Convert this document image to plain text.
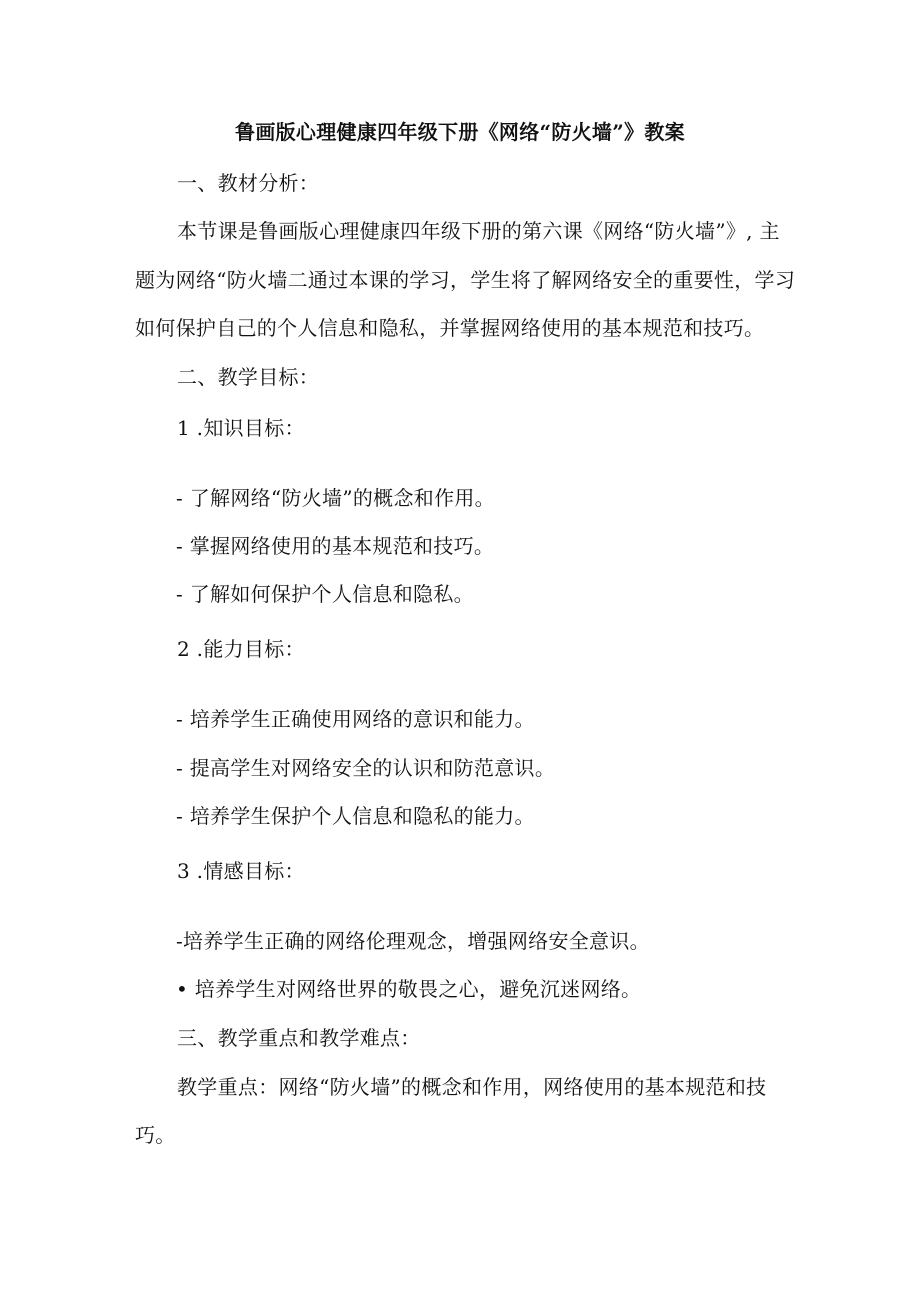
鲁画版心理健康四年级下册《网络“防火墙”》教案
一、教材分析：
本节课是鲁画版心理健康四年级下册的第六课《网络“防火墙”》, 主
题为网络“防火墙二通过本课的学习，学生将了解网络安全的重要性，学习
如何保护自己的个人信息和隐私，并掌握网络使用的基本规范和技巧。
二、教学目标：
1 .知识目标：
- 了解网络“防火墙”的概念和作用。
- 掌握网络使用的基本规范和技巧。
- 了解如何保护个人信息和隐私。
2 .能力目标：
- 培养学生正确使用网络的意识和能力。
- 提高学生对网络安全的认识和防范意识。
- 培养学生保护个人信息和隐私的能力。
3 .情感目标：
-培养学生正确的网络伦理观念，增强网络安全意识。
• 培养学生对网络世界的敬畏之心，避免沉迷网络。
三、教学重点和教学难点：
教学重点：网络“防火墙”的概念和作用，网络使用的基本规范和技
巧。
